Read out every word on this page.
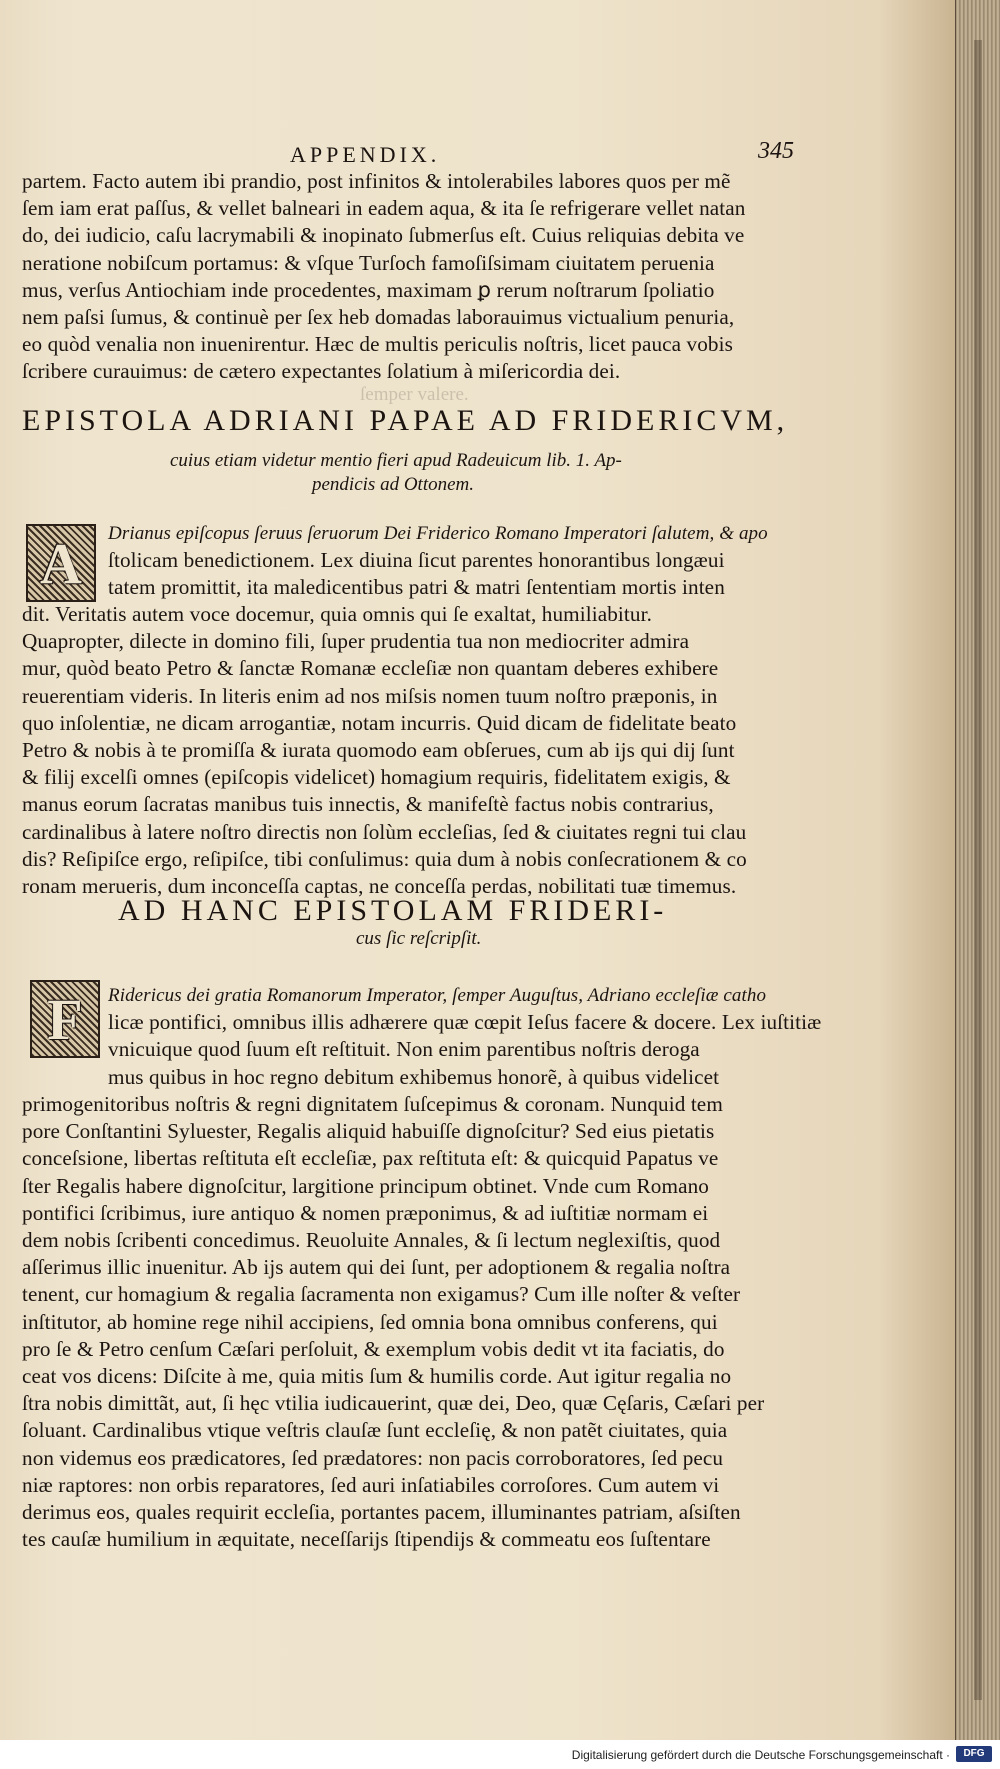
APPENDIX.	345
partem. Facto autem ibi prandio, post infinitos & intolerabiles labores quos per mẽ
ſem iam erat paſſus, & vellet balneari in eadem aqua, & ita ſe refrigerare vellet natan
do, dei iudicio, caſu lacrymabili & inopinato ſubmerſus eſt. Cuius reliquias debita ve
neratione nobiſcum portamus: & vſque Turſoch famoſiſsimam ciuitatem peruenia
mus, verſus Antiochiam inde procedentes, maximam ꝑ rerum noſtrarum ſpoliatio
nem paſsi ſumus, & continuè per ſex heb domadas laborauimus victualium penuria,
eo quòd venalia non inuenirentur. Hæc de multis periculis noſtris, licet pauca vobis
ſcribere curauimus: de cætero expectantes ſolatium à miſericordia dei.
ſemper valere.
EPISTOLA ADRIANI PAPAE AD FRIDERICVM,
cuius etiam videtur mentio fieri apud Radeuicum lib. 1. Ap-
pendicis ad Ottonem.
A	Drianus epiſcopus ſeruus ſeruorum Dei Friderico Romano Imperatori ſalutem, & apo
ſtolicam benedictionem. Lex diuina ſicut parentes honorantibus longæui
tatem promittit, ita maledicentibus patri & matri ſententiam mortis inten
dit. Veritatis autem voce docemur, quia omnis qui ſe exaltat, humiliabitur.
Quapropter, dilecte in domino fili, ſuper prudentia tua non mediocriter admira
mur, quòd beato Petro & ſanctæ Romanæ eccleſiæ non quantam deberes exhibere
reuerentiam videris. In literis enim ad nos miſsis nomen tuum noſtro præponis, in
quo inſolentiæ, ne dicam arrogantiæ, notam incurris. Quid dicam de fidelitate beato
Petro & nobis à te promiſſa & iurata quomodo eam obſerues, cum ab ijs qui dij ſunt
& filij excelſi omnes (epiſcopis videlicet) homagium requiris, fidelitatem exigis, &
manus eorum ſacratas manibus tuis innectis, & manifeſtè factus nobis contrarius,
cardinalibus à latere noſtro directis non ſolùm eccleſias, ſed & ciuitates regni tui clau
dis? Reſipiſce ergo, reſipiſce, tibi conſulimus: quia dum à nobis conſecrationem & co
ronam merueris, dum inconceſſa captas, ne conceſſa perdas, nobilitati tuæ timemus.
AD HANC EPISTOLAM FRIDERI-
cus ſic reſcripſit.
F	Ridericus dei gratia Romanorum Imperator, ſemper Auguſtus, Adriano eccleſiæ catho
licæ pontifici, omnibus illis adhærere quæ cœpit Ieſus facere & docere. Lex iuſtitiæ
vnicuique quod ſuum eſt reſtituit. Non enim parentibus noſtris deroga
mus quibus in hoc regno debitum exhibemus honorẽ, à quibus videlicet
primogenitoribus noſtris & regni dignitatem ſuſcepimus & coronam. Nunquid tem
pore Conſtantini Syluester, Regalis aliquid habuiſſe dignoſcitur? Sed eius pietatis
conceſsione, libertas reſtituta eſt eccleſiæ, pax reſtituta eſt: & quicquid Papatus ve
ſter Regalis habere dignoſcitur, largitione principum obtinet. Vnde cum Romano
pontifici ſcribimus, iure antiquo & nomen præponimus, & ad iuſtitiæ normam ei
dem nobis ſcribenti concedimus. Reuoluite Annales, & ſi lectum neglexiſtis, quod
aſſerimus illic inuenitur. Ab ijs autem qui dei ſunt, per adoptionem & regalia noſtra
tenent, cur homagium & regalia ſacramenta non exigamus? Cum ille noſter & veſter
inſtitutor, ab homine rege nihil accipiens, ſed omnia bona omnibus conferens, qui
pro ſe & Petro cenſum Cæſari perſoluit, & exemplum vobis dedit vt ita faciatis, do
ceat vos dicens: Diſcite à me, quia mitis ſum & humilis corde. Aut igitur regalia no
ſtra nobis dimittãt, aut, ſi hęc vtilia iudicauerint, quæ dei, Deo, quæ Cęſaris, Cæſari per
ſoluant. Cardinalibus vtique veſtris clauſæ ſunt eccleſię, & non patẽt ciuitates, quia
non videmus eos prædicatores, ſed prædatores: non pacis corroboratores, ſed pecu
niæ raptores: non orbis reparatores, ſed auri inſatiabiles corroſores. Cum autem vi
derimus eos, quales requirit eccleſia, portantes pacem, illuminantes patriam, aſsiſten
tes cauſæ humilium in æquitate, neceſſarijs ſtipendijs & commeatu eos ſuſtentare
Digitalisierung gefördert durch die Deutsche Forschungsgemeinschaft ·	DFG
